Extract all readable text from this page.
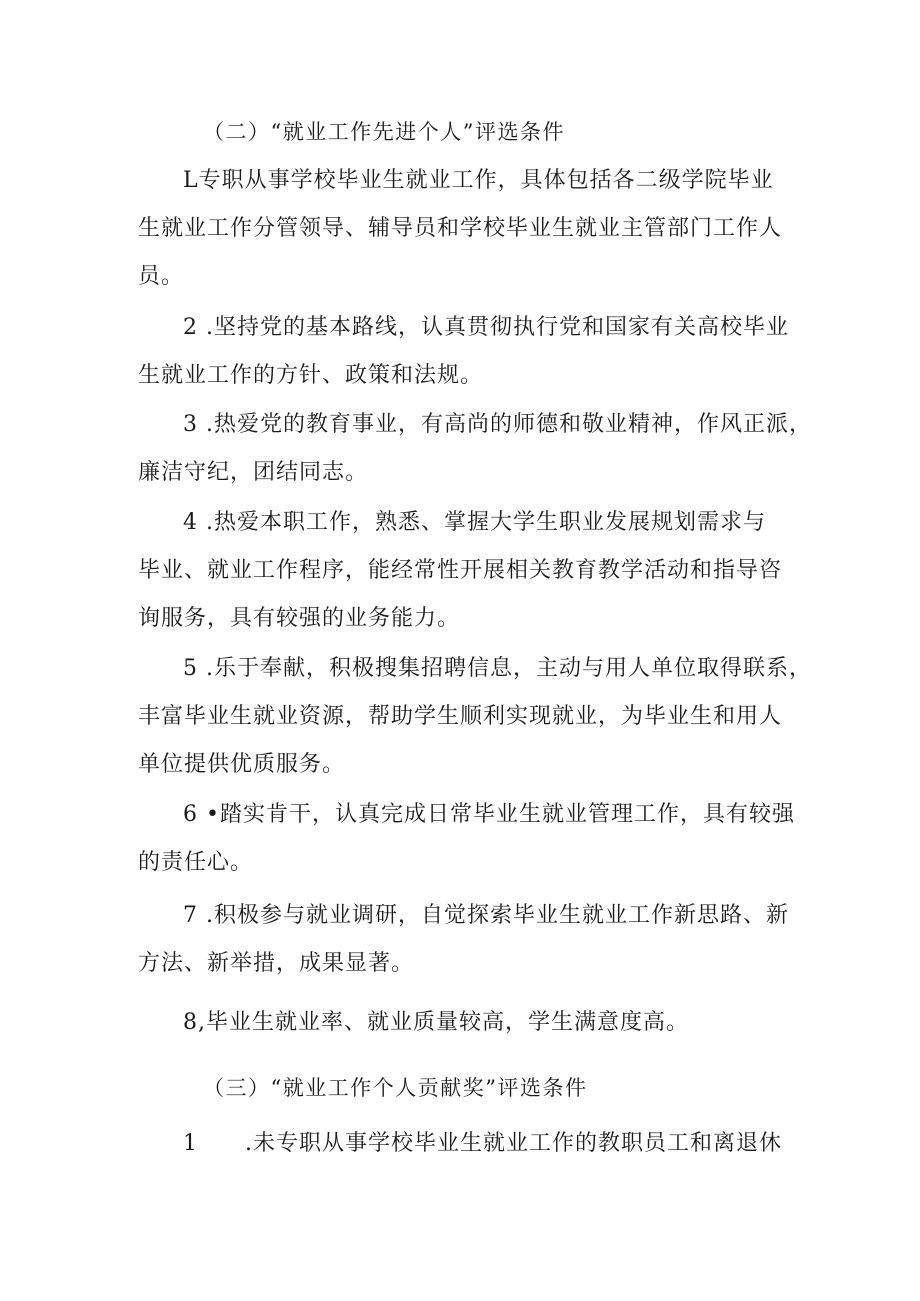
（二）“就业工作先进个人”评选条件
L专职从事学校毕业生就业工作，具体包括各二级学院毕业
生就业工作分管领导、辅导员和学校毕业生就业主管部门工作人
员。
2 .坚持党的基本路线，认真贯彻执行党和国家有关高校毕业
生就业工作的方针、政策和法规。
3 .热爱党的教育事业，有高尚的师德和敬业精神，作风正派，
廉洁守纪，团结同志。
4 .热爱本职工作，熟悉、掌握大学生职业发展规划需求与
毕业、就业工作程序，能经常性开展相关教育教学活动和指导咨
询服务，具有较强的业务能力。
5 .乐于奉献，积极搜集招聘信息，主动与用人单位取得联系，
丰富毕业生就业资源，帮助学生顺利实现就业，为毕业生和用人
单位提供优质服务。
6 •踏实肯干，认真完成日常毕业生就业管理工作，具有较强
的责任心。
7 .积极参与就业调研，自觉探索毕业生就业工作新思路、新
方法、新举措，成果显著。
8,毕业生就业率、就业质量较高，学生满意度高。
（三）“就业工作个人贡献奖”评选条件
1 .未专职从事学校毕业生就业工作的教职员工和离退休
